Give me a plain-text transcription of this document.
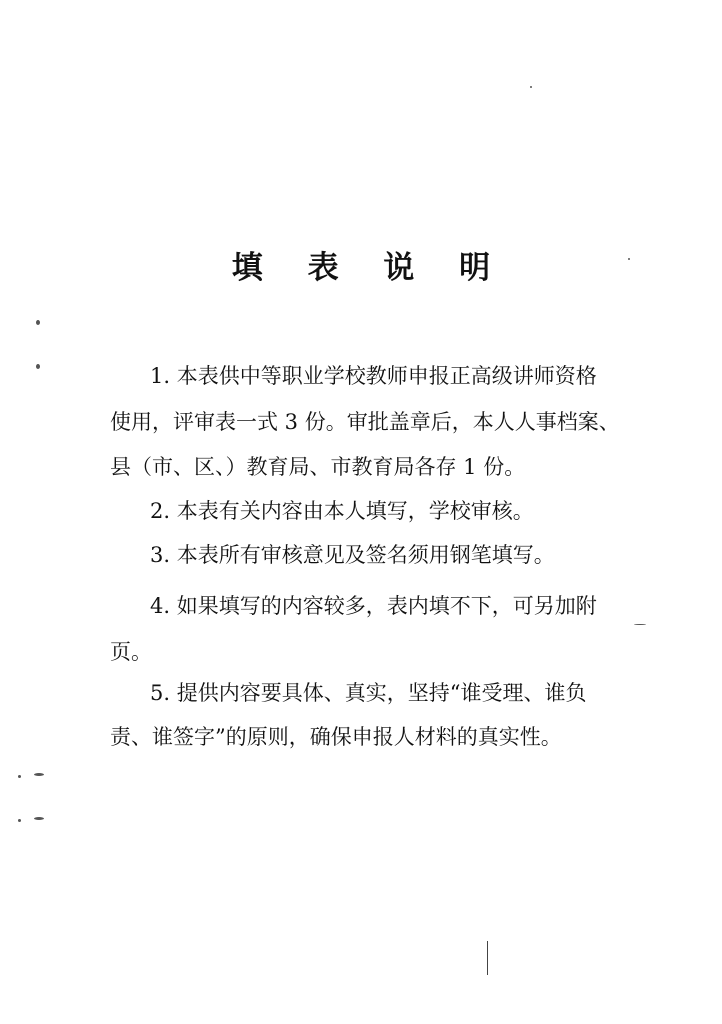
填 表 说 明
1. 本表供中等职业学校教师申报正高级讲师资格
使用，评审表一式 3 份。审批盖章后，本人人事档案、
县（市、区、）教育局、市教育局各存 1 份。
2. 本表有关内容由本人填写，学校审核。
3. 本表所有审核意见及签名须用钢笔填写。
4. 如果填写的内容较多，表内填不下，可另加附
页。
5. 提供内容要具体、真实，坚持“谁受理、谁负
责、谁签字”的原则，确保申报人材料的真实性。
